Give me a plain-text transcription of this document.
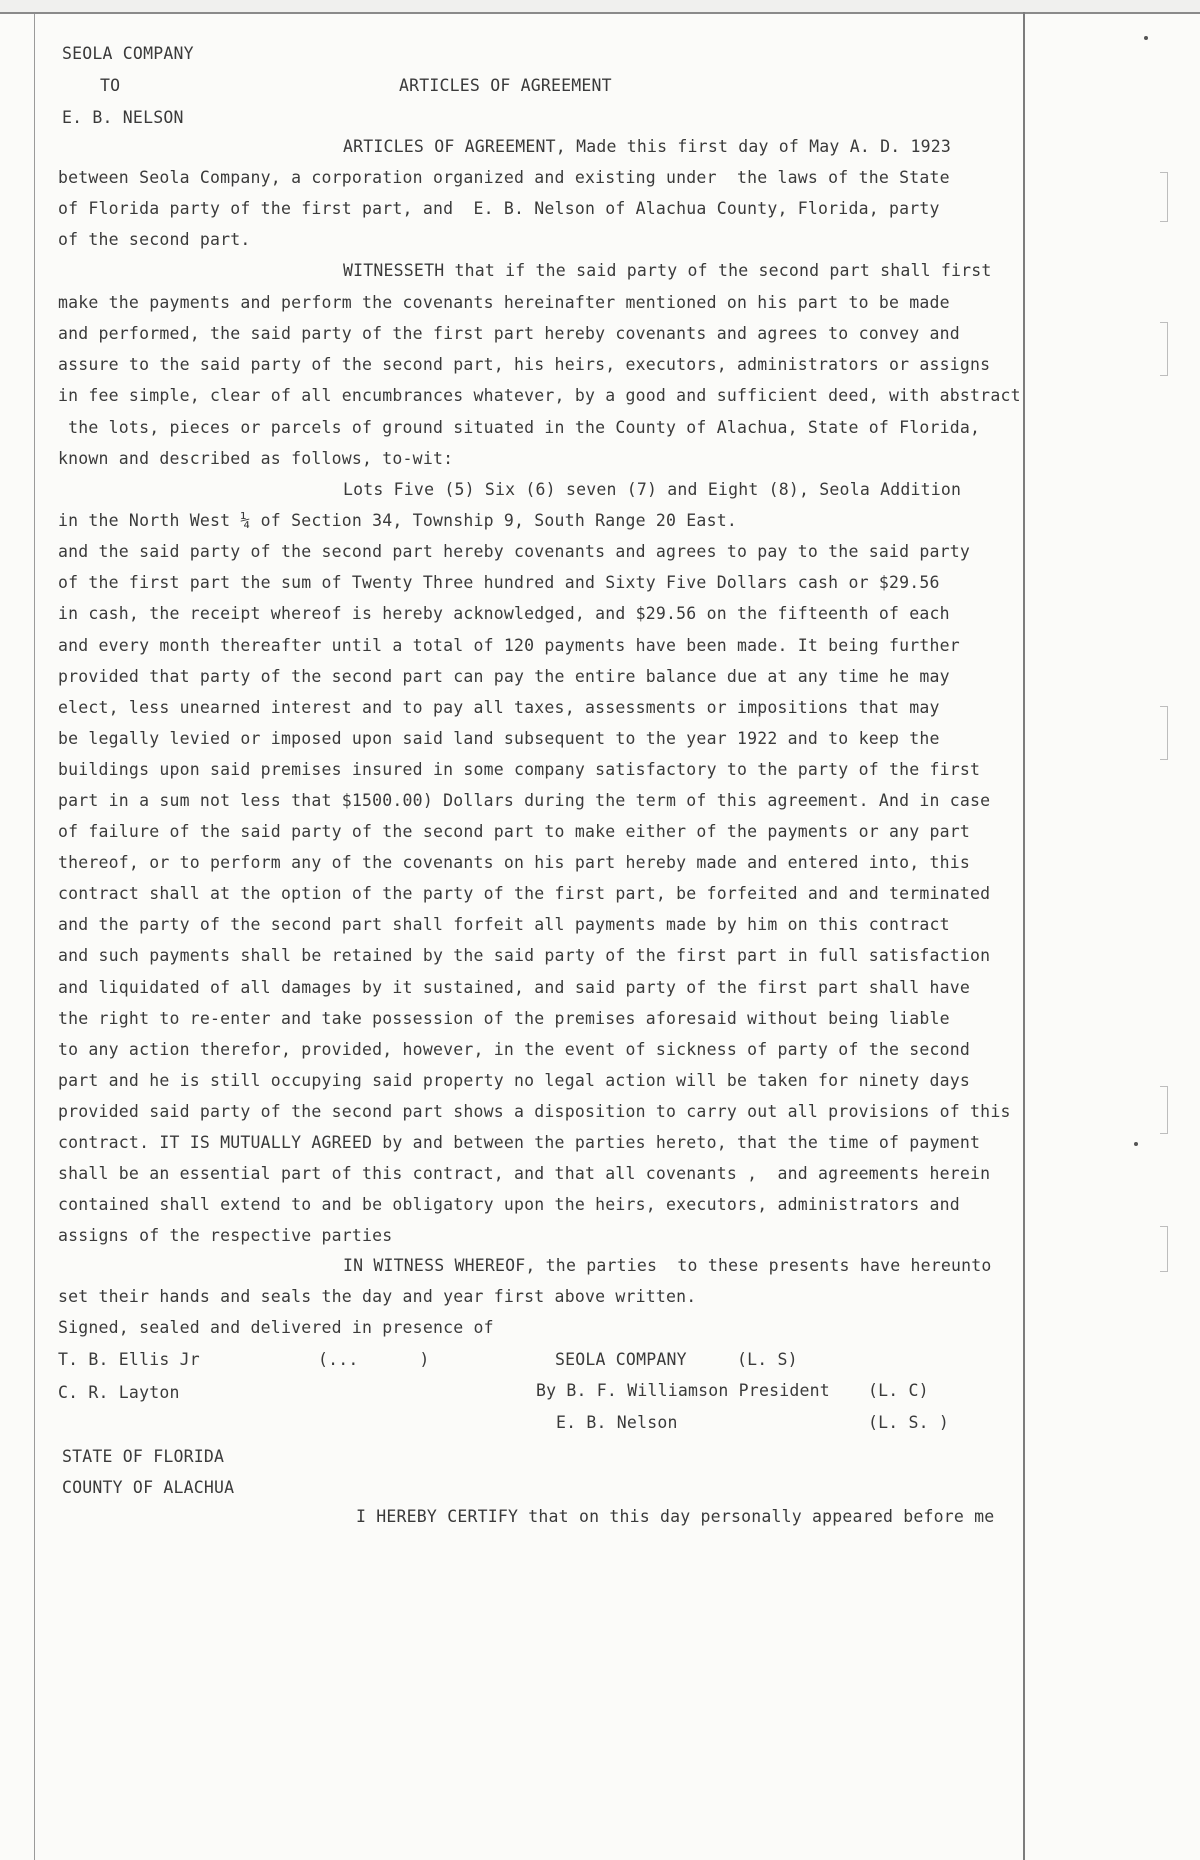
SEOLA COMPANY
TO	ARTICLES OF AGREEMENT
E. B. NELSON
ARTICLES OF AGREEMENT, Made this first day of May A. D. 1923
between Seola Company, a corporation organized and existing under  the laws of the State
of Florida party of the first part, and  E. B. Nelson of Alachua County, Florida, party
of the second part.
WITNESSETH that if the said party of the second part shall first
make the payments and perform the covenants hereinafter mentioned on his part to be made
and performed, the said party of the first part hereby covenants and agrees to convey and
assure to the said party of the second part, his heirs, executors, administrators or assigns
in fee simple, clear of all encumbrances whatever, by a good and sufficient deed, with abstract
the lots, pieces or parcels of ground situated in the County of Alachua, State of Florida,
known and described as follows, to-wit:
Lots Five (5) Six (6) seven (7) and Eight (8), Seola Addition
in the North West ¼ of Section 34, Township 9, South Range 20 East.
and the said party of the second part hereby covenants and agrees to pay to the said party
of the first part the sum of Twenty Three hundred and Sixty Five Dollars cash or $29.56
in cash, the receipt whereof is hereby acknowledged, and $29.56 on the fifteenth of each
and every month thereafter until a total of 120 payments have been made. It being further
provided that party of the second part can pay the entire balance due at any time he may
elect, less unearned interest and to pay all taxes, assessments or impositions that may
be legally levied or imposed upon said land subsequent to the year 1922 and to keep the
buildings upon said premises insured in some company satisfactory to the party of the first
part in a sum not less that $1500.00) Dollars during the term of this agreement. And in case
of failure of the said party of the second part to make either of the payments or any part
thereof, or to perform any of the covenants on his part hereby made and entered into, this
contract shall at the option of the party of the first part, be forfeited and and terminated
and the party of the second part shall forfeit all payments made by him on this contract
and such payments shall be retained by the said party of the first part in full satisfaction
and liquidated of all damages by it sustained, and said party of the first part shall have
the right to re-enter and take possession of the premises aforesaid without being liable
to any action therefor, provided, however, in the event of sickness of party of the second
part and he is still occupying said property no legal action will be taken for ninety days
provided said party of the second part shows a disposition to carry out all provisions of this
contract. IT IS MUTUALLY AGREED by and between the parties hereto, that the time of payment
shall be an essential part of this contract, and that all covenants ,  and agreements herein
contained shall extend to and be obligatory upon the heirs, executors, administrators and
assigns of the respective parties
IN WITNESS WHEREOF, the parties  to these presents have hereunto
set their hands and seals the day and year first above written.
Signed, sealed and delivered in presence of
T. B. Ellis Jr	(...      )	SEOLA COMPANY	(L. S)
C. R. Layton	By B. F. Williamson President (L. C)
E. B. Nelson	(L. S. )
STATE OF FLORIDA
COUNTY OF ALACHUA
I HEREBY CERTIFY that on this day personally appeared before me
